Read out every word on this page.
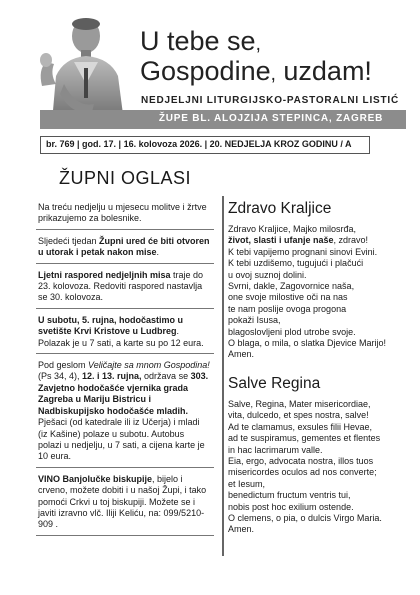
U tebe se,
Gospodine, uzdam!
NEDJELJNI LITURGIJSKO-PASTORALNI LISTIĆ
ŽUPE BL. ALOJZIJA STEPINCA, ZAGREB
br. 769 | god. 17. | 16. kolovoza 2026. | 20. NEDJELJA KROZ GODINU / A
ŽUPNI OGLASI
Na treću nedjelju u mjesecu molitve i žrtve prikazujemo za bolesnike.
Sljedeći tjedan Župni ured će biti otvoren u utorak i petak nakon mise.
Ljetni raspored nedjeljnih misa traje do 23. kolovoza. Redoviti raspored nastavlja se 30. kolovoza.
U subotu, 5. rujna, hodočastimo u svetište Krvi Kristove u Ludbreg. Polazak je u 7 sati, a karte su po 12 eura.
Pod geslom Veličajte sa mnom Gospodina! (Ps 34, 4), 12. i 13. rujna, održava se 303. Zavjetno hodočašće vjernika grada Zagreba u Mariju Bistricu i Nadbiskupijsko hodočašće mladih. Pješaci (od katedrale ili iz Učerja) i mladi (iz Kašine) polaze u subotu. Autobus polazi u nedjelju, u 7 sati, a cijena karte je 10 eura.
VINO Banjolučke biskupije, bijelo i crveno, možete dobiti i u našoj Župi, i tako pomoći Crkvi u toj biskupiji. Možete se i javiti izravno vlč. Iliji Keliću, na: 099/5210-909 .
Zdravo Kraljice
Zdravo Kraljice, Majko milosrđa,
život, slasti i ufanje naše, zdravo!
K tebi vapijemo prognani sinovi Evini.
K tebi uzdišemo, tugujući i plačući
u ovoj suznoj dolini.
Svrni, dakle, Zagovornice naša,
one svoje milostive oči na nas
te nam poslije ovoga progona
pokaži Isusa,
blagoslovljeni plod utrobe svoje.
O blaga, o mila, o slatka Djevice Marijo!
Amen.
Salve Regina
Salve, Regina, Mater misericordiae,
vita, dulcedo, et spes nostra, salve!
Ad te clamamus, exsules filii Hevae,
ad te suspiramus, gementes et flentes
in hac lacrimarum valle.
Eia, ergo, advocata nostra, illos tuos
misericordes oculos ad nos converte;
et Iesum,
benedictum fructum ventris tui,
nobis post hoc exilium ostende.
O clemens, o pia, o dulcis Virgo Maria.
Amen.
